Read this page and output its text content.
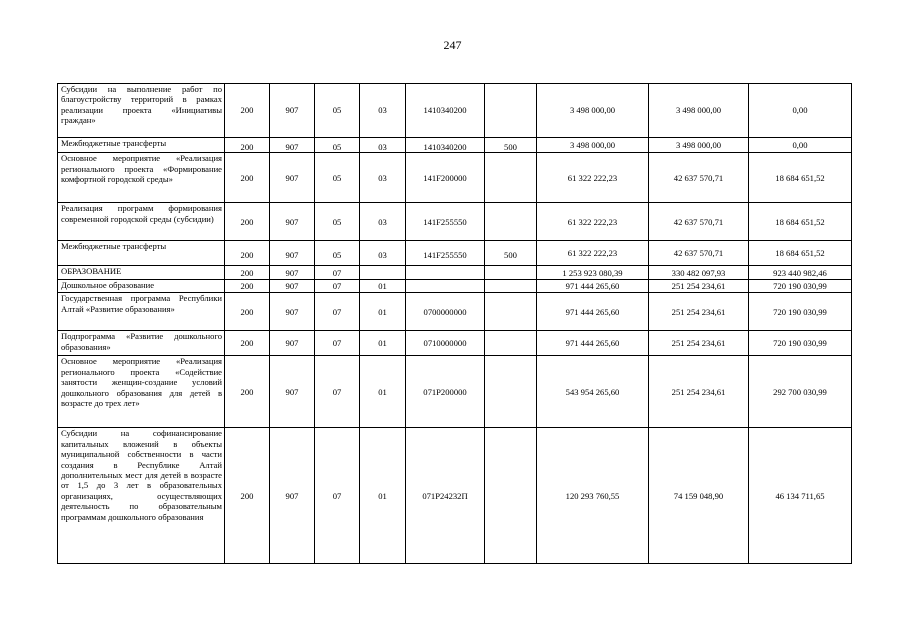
247
Субсидии на выполнение работ по благоустройству территорий в рамках реализации проекта «Инициативы граждан»	200	907	05	03	1410340200		3 498 000,00	3 498 000,00	0,00
Межбюджетные трансферты	200	907	05	03	1410340200	500	3 498 000,00	3 498 000,00	0,00
Основное мероприятие «Реализация регионального проекта «Формирование комфортной городской среды»	200	907	05	03	141F200000		61 322 222,23	42 637 570,71	18 684 651,52
Реализация программ формирования современной городской среды (субсидии)	200	907	05	03	141F255550		61 322 222,23	42 637 570,71	18 684 651,52
Межбюджетные трансферты	200	907	05	03	141F255550	500	61 322 222,23	42 637 570,71	18 684 651,52
ОБРАЗОВАНИЕ	200	907	07				1 253 923 080,39	330 482 097,93	923 440 982,46
Дошкольное образование	200	907	07	01			971 444 265,60	251 254 234,61	720 190 030,99
Государственная программа Республики Алтай «Развитие образования»	200	907	07	01	0700000000		971 444 265,60	251 254 234,61	720 190 030,99
Подпрограмма «Развитие дошкольного образования»	200	907	07	01	0710000000		971 444 265,60	251 254 234,61	720 190 030,99
Основное мероприятие «Реализация регионального проекта «Содействие занятости женщин-создание условий дошкольного образования для детей в возрасте до трех лет»	200	907	07	01	071P200000		543 954 265,60	251 254 234,61	292 700 030,99
Субсидии на софинансирование капитальных вложений в объекты муниципальной собственности в части создания в Республике Алтай дополнительных мест для детей в возрасте от 1,5 до 3 лет в образовательных организациях, осуществляющих деятельность по образовательным программам дошкольного образования	200	907	07	01	071P24232П		120 293 760,55	74 159 048,90	46 134 711,65
